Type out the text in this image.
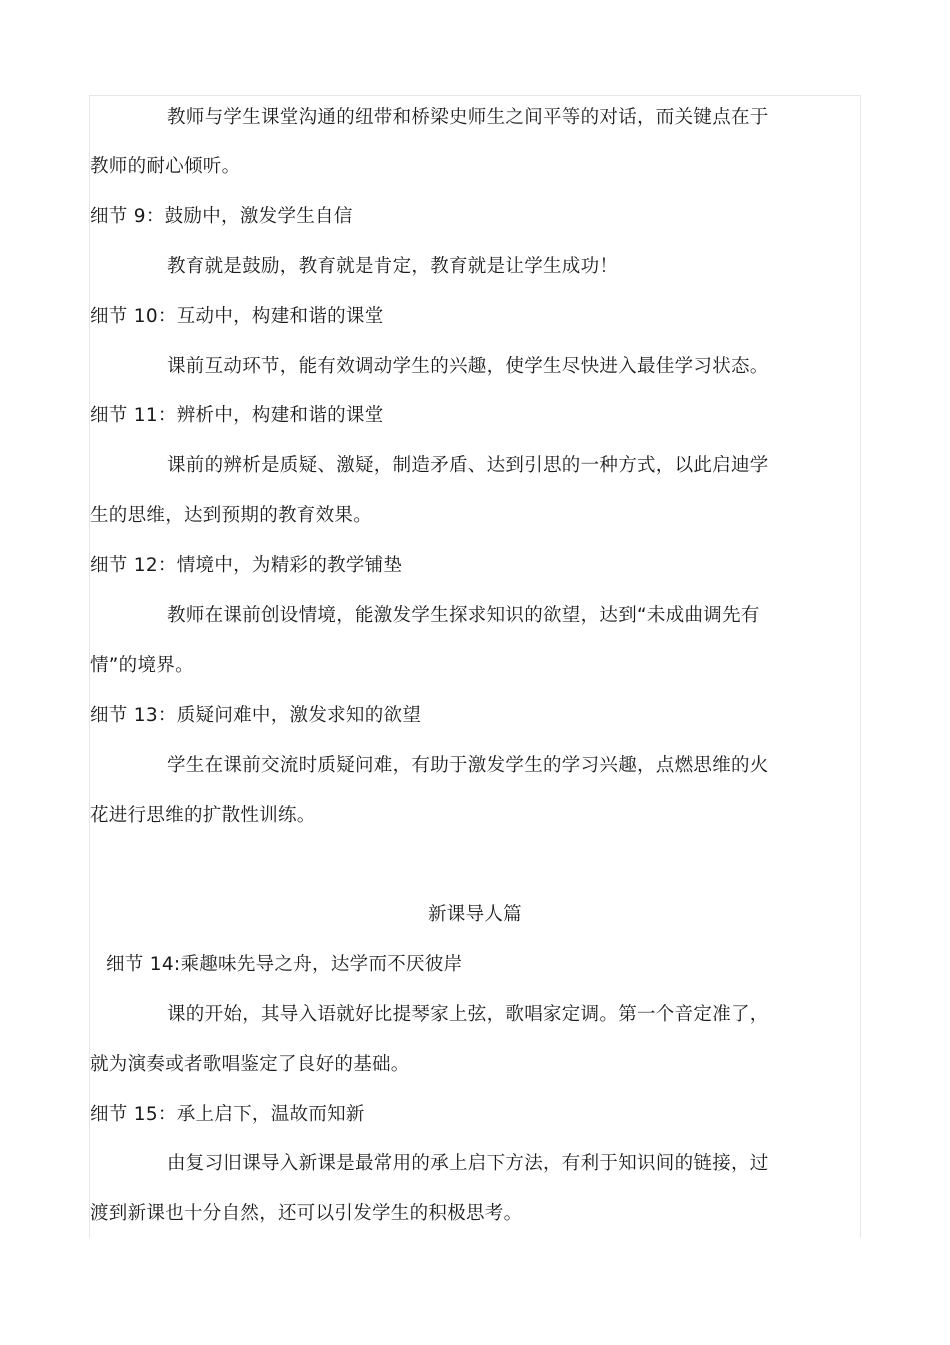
教师与学生课堂沟通的纽带和桥梁史师生之间平等的对话，而关键点在于
教师的耐心倾听。
细节 9：鼓励中，激发学生自信
教育就是鼓励，教育就是肯定，教育就是让学生成功！
细节 10：互动中，构建和谐的课堂
课前互动环节，能有效调动学生的兴趣，使学生尽快进入最佳学习状态。
细节 11：辨析中，构建和谐的课堂
课前的辨析是质疑、激疑，制造矛盾、达到引思的一种方式，以此启迪学
生的思维，达到预期的教育效果。
细节 12：情境中，为精彩的教学铺垫
教师在课前创设情境，能激发学生探求知识的欲望，达到“未成曲调先有
情”的境界。
细节 13：质疑问难中，激发求知的欲望
学生在课前交流时质疑问难，有助于激发学生的学习兴趣，点燃思维的火
花进行思维的扩散性训练。
新课导人篇
细节 14:乘趣味先导之舟，达学而不厌彼岸
课的开始，其导入语就好比提琴家上弦，歌唱家定调。第一个音定准了，
就为演奏或者歌唱鉴定了良好的基础。
细节 15：承上启下，温故而知新
由复习旧课导入新课是最常用的承上启下方法，有利于知识间的链接，过
渡到新课也十分自然，还可以引发学生的积极思考。
